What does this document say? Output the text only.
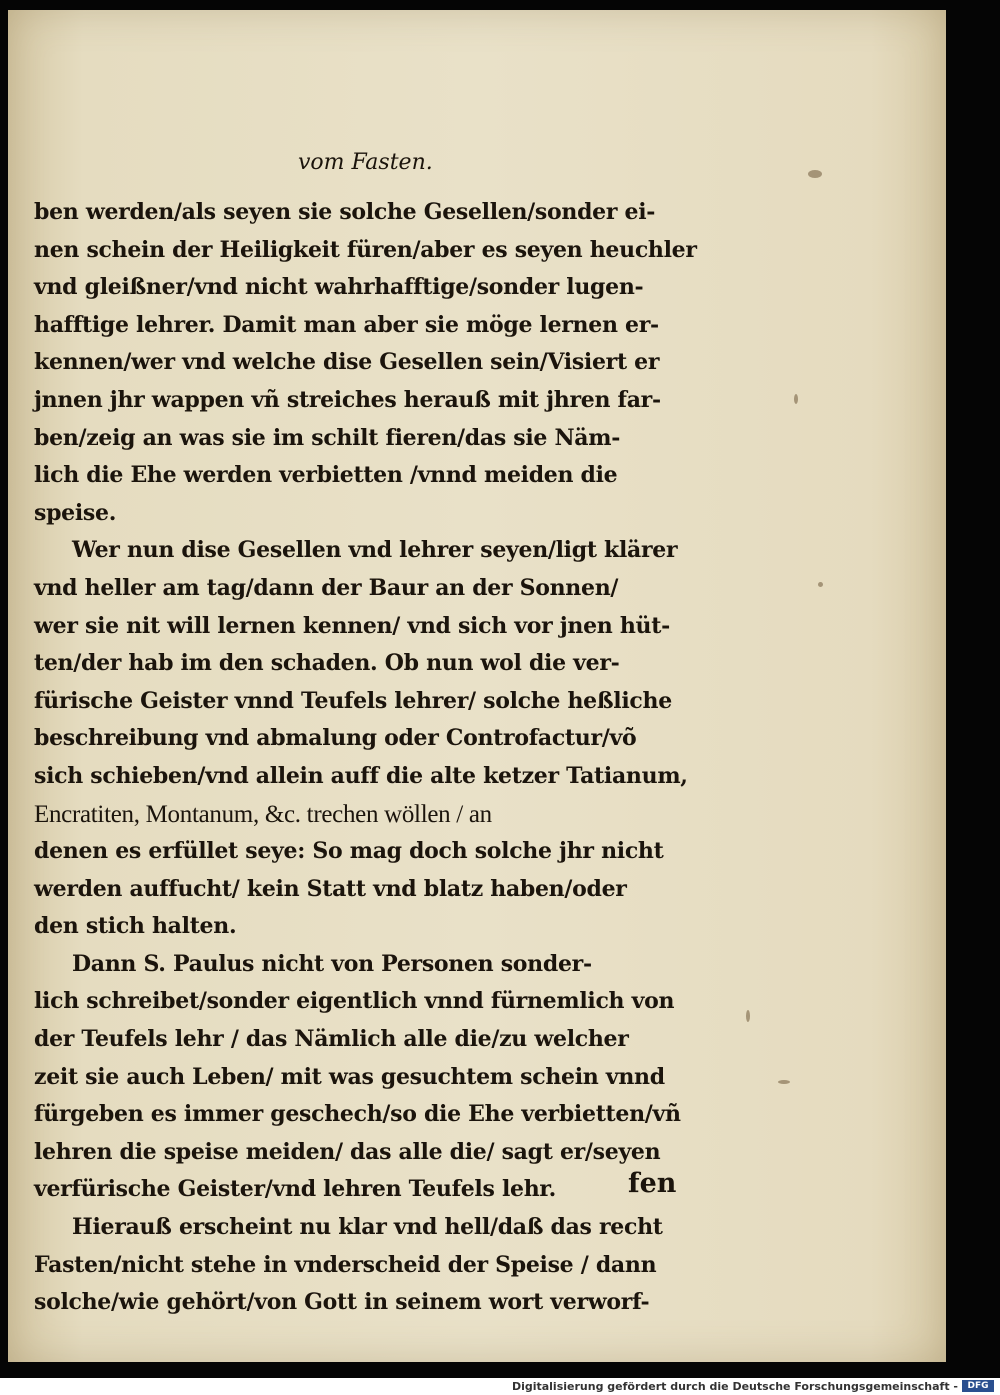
vom Fasten.
ben werden/als seyen sie solche Gesellen/sonder ei-
nen schein der Heiligkeit füren/aber es seyen heuchler
vnd gleißner/vnd nicht wahrhafftige/sonder lugen-
hafftige lehrer. Damit man aber sie möge lernen er-
kennen/wer vnd welche dise Gesellen sein/Visiert er
jnnen jhr wappen vñ streiches herauß mit jhren far-
ben/zeig an was sie im schilt fieren/das sie Näm-
lich die Ehe werden verbietten /vnnd meiden die
speise.
Wer nun dise Gesellen vnd lehrer seyen/ligt klärer
vnd heller am tag/dann der Baur an der Sonnen/
wer sie nit will lernen kennen/ vnd sich vor jnen hüt-
ten/der hab im den schaden. Ob nun wol die ver-
fürische Geister vnnd Teufels lehrer/ solche heßliche
beschreibung vnd abmalung oder Controfactur/võ
sich schieben/vnd allein auff die alte ketzer Tatianum,
Encratiten, Montanum, &c. trechen wöllen / an
denen es erfüllet seye: So mag doch solche jhr nicht
werden auffucht/ kein Statt vnd blatz haben/oder
den stich halten.
Dann S. Paulus nicht von Personen sonder-
lich schreibet/sonder eigentlich vnnd fürnemlich von
der Teufels lehr / das Nämlich alle die/zu welcher
zeit sie auch Leben/ mit was gesuchtem schein vnnd
fürgeben es immer geschech/so die Ehe verbietten/vñ
lehren die speise meiden/ das alle die/ sagt er/seyen
verfürische Geister/vnd lehren Teufels lehr.
Hierauß erscheint nu klar vnd hell/daß das recht
Fasten/nicht stehe in vnderscheid der Speise / dann
solche/wie gehört/von Gott in seinem wort verworf-
fen
Digitalisierung gefördert durch die Deutsche Forschungsgemeinschaft -	DFG
